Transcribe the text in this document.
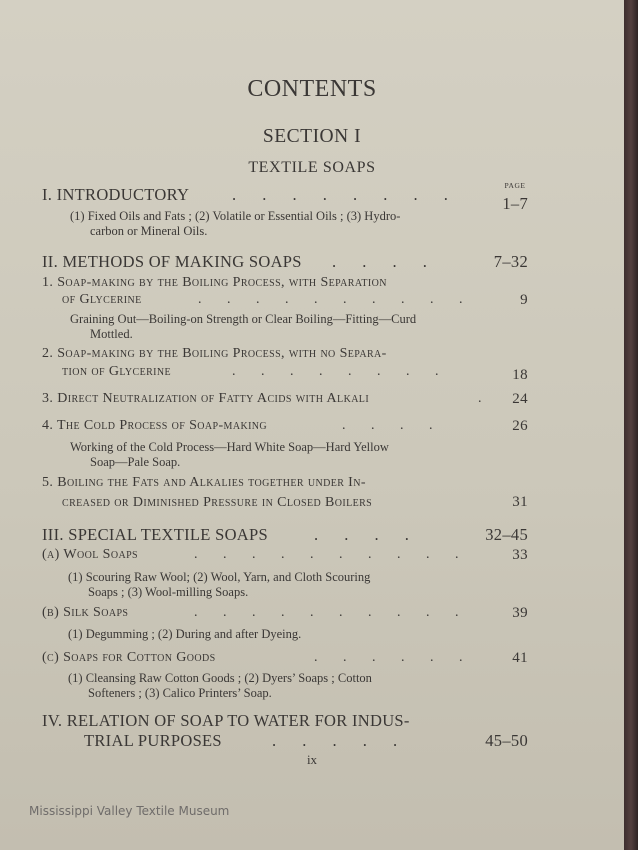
CONTENTS
SECTION I
TEXTILE SOAPS
PAGE
I. INTRODUCTORY	. . . . . . . .	1–7
(1) Fixed Oils and Fats ; (2) Volatile or Essential Oils ; (3) Hydro-
carbon or Mineral Oils.
II. METHODS OF MAKING SOAPS . . . .	7–32
1. Soap-making by the Boiling Process, with Separation
of Glycerine	. . . . . . . . . .	9
Graining Out—Boiling-on Strength or Clear Boiling—Fitting—Curd
Mottled.
2. Soap-making by the Boiling Process, with no Separa-
tion of Glycerine	. . . . . . . .	18
3. Direct Neutralization of Fatty Acids with Alkali	. 24
4. The Cold Process of Soap-making	. . . .	26
Working of the Cold Process—Hard White Soap—Hard Yellow
Soap—Pale Soap.
5. Boiling the Fats and Alkalies together under In-
creased or Diminished Pressure in Closed Boilers	31
III. SPECIAL TEXTILE SOAPS	. . . .	32–45
(a) Wool Soaps	. . . . . . . . . .	33
(1) Scouring Raw Wool; (2) Wool, Yarn, and Cloth Scouring
Soaps ; (3) Wool-milling Soaps.
(b) Silk Soaps	. . . . . . . . . .	39
(1) Degumming ; (2) During and after Dyeing.
(c) Soaps for Cotton Goods	. . . . . .	41
(1) Cleansing Raw Cotton Goods ; (2) Dyers’ Soaps ; Cotton
Softeners ; (3) Calico Printers’ Soap.
IV. RELATION OF SOAP TO WATER FOR INDUS-
TRIAL PURPOSES	. . . . .	45–50
ix
Mississippi Valley Textile Museum
